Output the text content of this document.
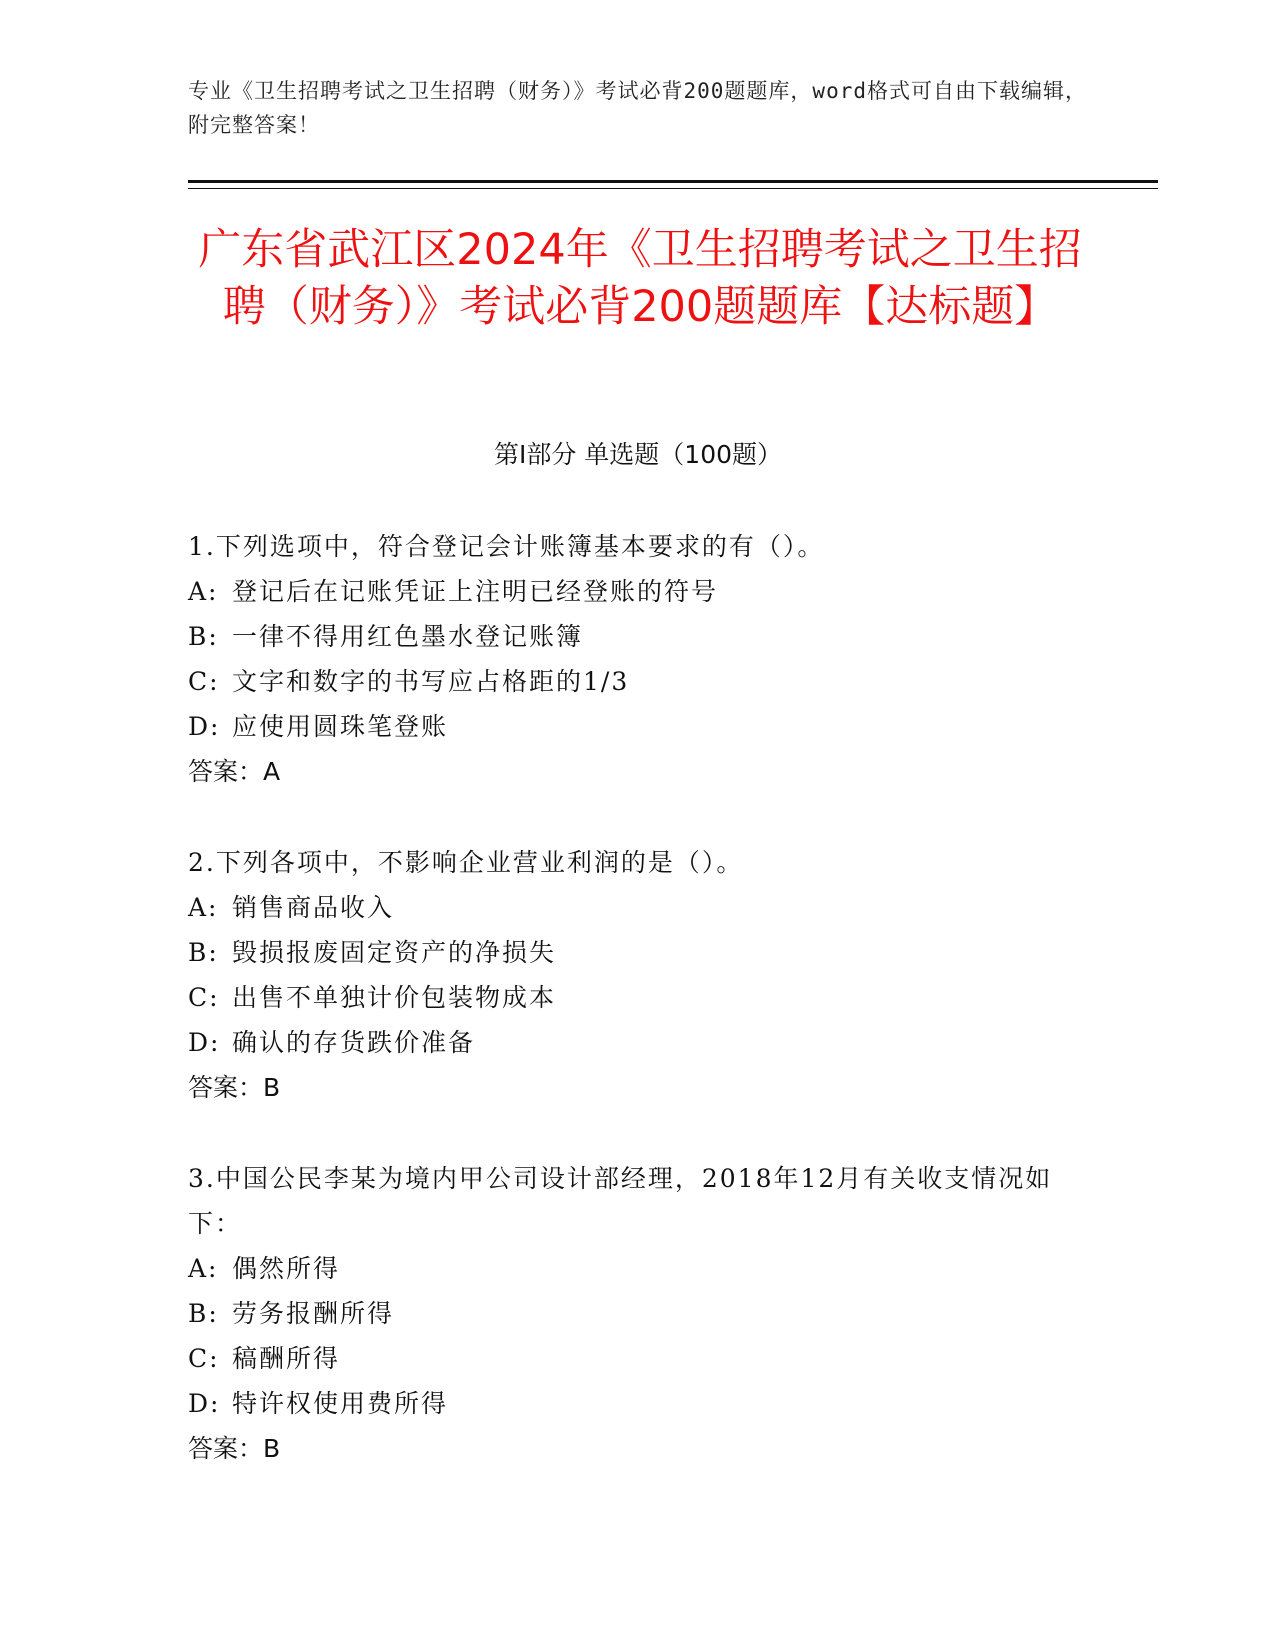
专业《卫生招聘考试之卫生招聘（财务）》考试必背200题题库，word格式可自由下载编辑，附完整答案！
广东省武江区2024年《卫生招聘考试之卫生招聘（财务）》考试必背200题题库【达标题】
第I部分 单选题（100题）

1.下列选项中，符合登记会计账簿基本要求的有（）。

A: 登记后在记账凭证上注明已经登账的符号

B: 一律不得用红色墨水登记账簿

C: 文字和数字的书写应占格距的1/3

D: 应使用圆珠笔登账

答案：A

2.下列各项中，不影响企业营业利润的是（）。

A: 销售商品收入

B: 毁损报废固定资产的净损失

C: 出售不单独计价包装物成本

D: 确认的存货跌价准备

答案：B

3.中国公民李某为境内甲公司设计部经理，2018年12月有关收支情况如下：

A: 偶然所得

B: 劳务报酬所得

C: 稿酬所得

D: 特许权使用费所得

答案：B
